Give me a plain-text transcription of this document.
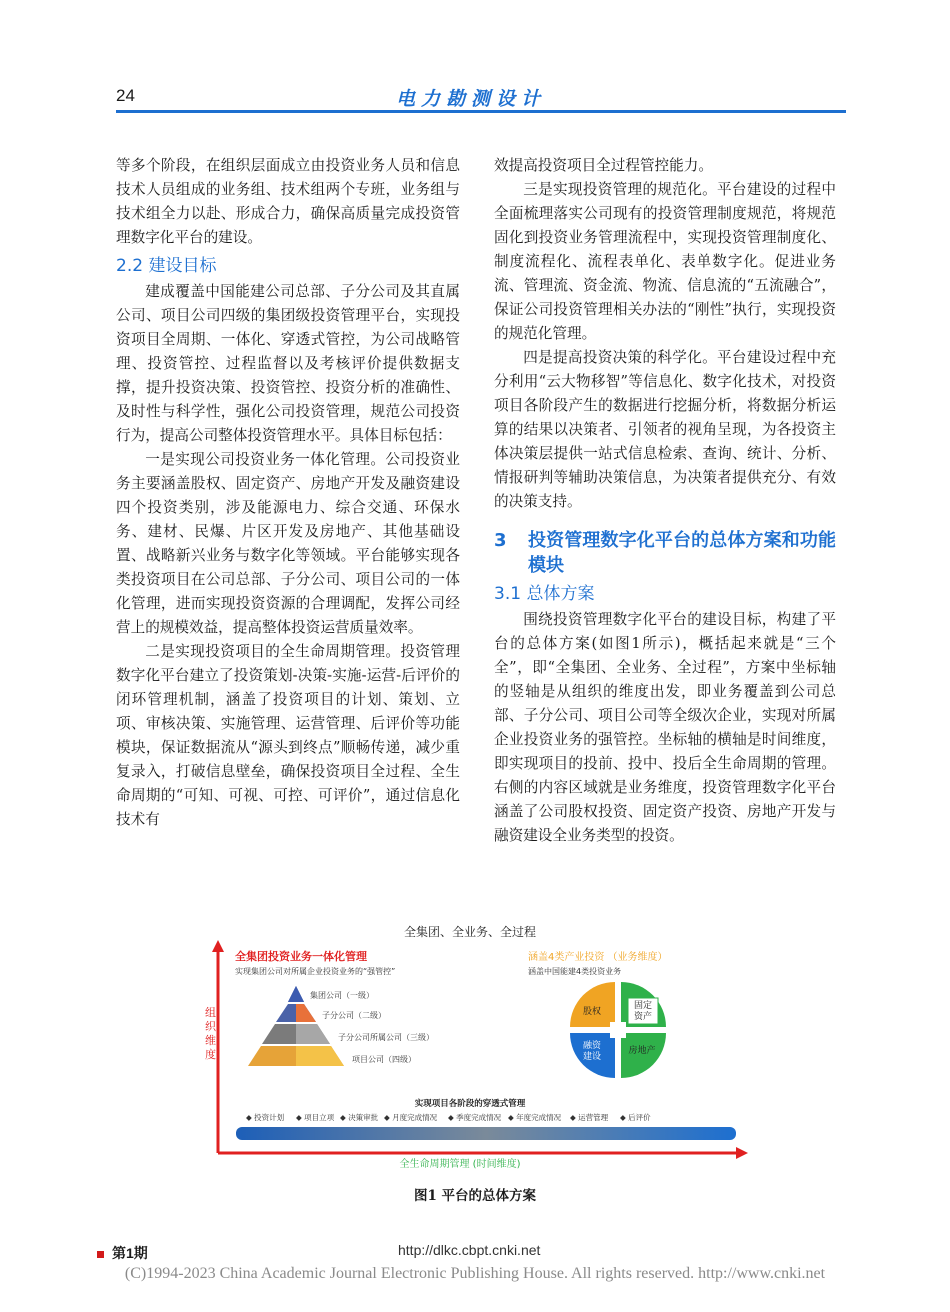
24	电力勘测设计

等多个阶段，在组织层面成立由投资业务人员和信息技术人员组成的业务组、技术组两个专班，业务组与技术组全力以赴、形成合力，确保高质量完成投资管理数字化平台的建设。

2.2 建设目标

建成覆盖中国能建公司总部、子分公司及其直属公司、项目公司四级的集团级投资管理平台，实现投资项目全周期、一体化、穿透式管控，为公司战略管理、投资管控、过程监督以及考核评价提供数据支撑，提升投资决策、投资管控、投资分析的准确性、及时性与科学性，强化公司投资管理，规范公司投资行为，提高公司整体投资管理水平。具体目标包括：

一是实现公司投资业务一体化管理。公司投资业务主要涵盖股权、固定资产、房地产开发及融资建设四个投资类别，涉及能源电力、综合交通、环保水务、建材、民爆、片区开发及房地产、其他基础设置、战略新兴业务与数字化等领域。平台能够实现各类投资项目在公司总部、子分公司、项目公司的一体化管理，进而实现投资资源的合理调配，发挥公司经营上的规模效益，提高整体投资运营质量效率。

二是实现投资项目的全生命周期管理。投资管理数字化平台建立了投资策划-决策-实施-运营-后评价的闭环管理机制，涵盖了投资项目的计划、策划、立项、审核决策、实施管理、运营管理、后评价等功能模块，保证数据流从“源头到终点”顺畅传递，减少重复录入，打破信息壁垒，确保投资项目全过程、全生命周期的“可知、可视、可控、可评价”，通过信息化技术有

效提高投资项目全过程管控能力。

三是实现投资管理的规范化。平台建设的过程中全面梳理落实公司现有的投资管理制度规范，将规范固化到投资业务管理流程中，实现投资管理制度化、制度流程化、流程表单化、表单数字化。促进业务流、管理流、资金流、物流、信息流的“五流融合”，保证公司投资管理相关办法的“刚性”执行，实现投资的规范化管理。

四是提高投资决策的科学化。平台建设过程中充分利用“云大物移智”等信息化、数字化技术，对投资项目各阶段产生的数据进行挖掘分析，将数据分析运算的结果以决策者、引领者的视角呈现，为各投资主体决策层提供一站式信息检索、查询、统计、分析、情报研判等辅助决策信息，为决策者提供充分、有效的决策支持。

3	投资管理数字化平台的总体方案和功能模块
3.1 总体方案

围绕投资管理数字化平台的建设目标，构建了平台的总体方案(如图1所示)，概括起来就是“三个全”，即“全集团、全业务、全过程”，方案中坐标轴的竖轴是从组织的维度出发，即业务覆盖到公司总部、子分公司、项目公司等全级次企业，实现对所属企业投资业务的强管控。坐标轴的横轴是时间维度，即实现项目的投前、投中、投后全生命周期的管理。右侧的内容区域就是业务维度，投资管理数字化平台涵盖了公司股权投资、固定资产投资、房地产开发与融资建设全业务类型的投资。

全集团、全业务、全过程
组织维度
全集团投资业务一体化管理
实现集团公司对所属企业投资业务的“强管控”
集团公司（一级）
子分公司（二级）
子分公司所属公司（三级）
项目公司（四级）
涵盖4类产业投资 （业务维度）
涵盖中国能建4类投资业务
股权
固定
资产
融资
建设
房地产
实现项目各阶段的穿透式管理
◆ 投资计划 ◆ 项目立项 ◆ 决策审批 ◆ 月度完成情况 ◆ 季度完成情况 ◆ 年度完成情况 ◆ 运营管理 ◆ 后评价
全生命周期管理 (时间维度)
图1 平台的总体方案
第1期	http://dlkc.cbpt.cnki.net
(C)1994-2023 China Academic Journal Electronic Publishing House. All rights reserved. http://www.cnki.net
